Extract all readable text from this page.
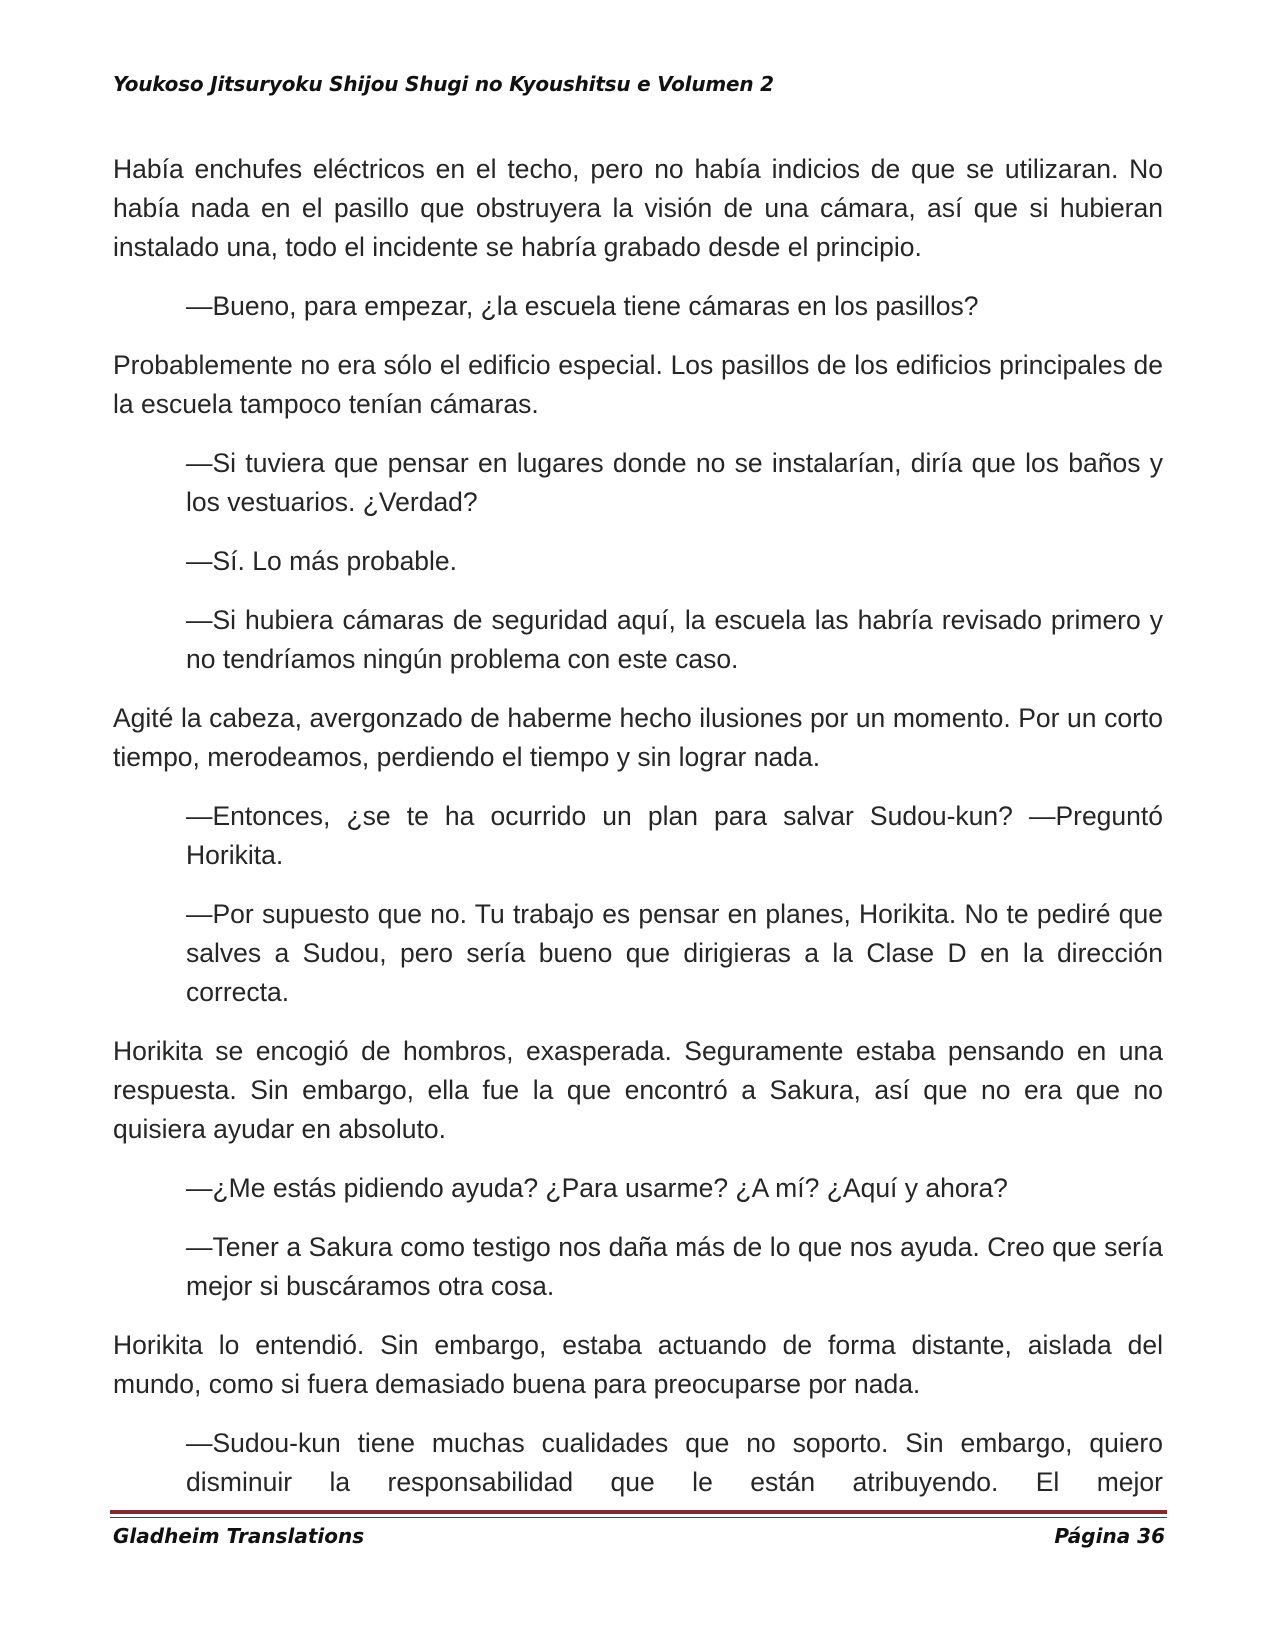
Youkoso Jitsuryoku Shijou Shugi no Kyoushitsu e Volumen 2

Había enchufes eléctricos en el techo, pero no había indicios de que se utilizaran. No había nada en el pasillo que obstruyera la visión de una cámara, así que si hubieran instalado una, todo el incidente se habría grabado desde el principio.

—Bueno, para empezar, ¿la escuela tiene cámaras en los pasillos?

Probablemente no era sólo el edificio especial. Los pasillos de los edificios principales de la escuela tampoco tenían cámaras.

—Si tuviera que pensar en lugares donde no se instalarían, diría que los baños y los vestuarios. ¿Verdad?

—Sí. Lo más probable.

—Si hubiera cámaras de seguridad aquí, la escuela las habría revisado primero y no tendríamos ningún problema con este caso.

Agité la cabeza, avergonzado de haberme hecho ilusiones por un momento. Por un corto tiempo, merodeamos, perdiendo el tiempo y sin lograr nada.

—Entonces, ¿se te ha ocurrido un plan para salvar Sudou-kun? —Preguntó Horikita.

—Por supuesto que no. Tu trabajo es pensar en planes, Horikita. No te pediré que salves a Sudou, pero sería bueno que dirigieras a la Clase D en la dirección correcta.

Horikita se encogió de hombros, exasperada. Seguramente estaba pensando en una respuesta. Sin embargo, ella fue la que encontró a Sakura, así que no era que no quisiera ayudar en absoluto.

—¿Me estás pidiendo ayuda? ¿Para usarme? ¿A mí? ¿Aquí y ahora?

—Tener a Sakura como testigo nos daña más de lo que nos ayuda. Creo que sería mejor si buscáramos otra cosa.

Horikita lo entendió. Sin embargo, estaba actuando de forma distante, aislada del mundo, como si fuera demasiado buena para preocuparse por nada.

—Sudou-kun tiene muchas cualidades que no soporto. Sin embargo, quiero disminuir la responsabilidad que le están atribuyendo. El mejor

Gladheim Translations	Página 36
